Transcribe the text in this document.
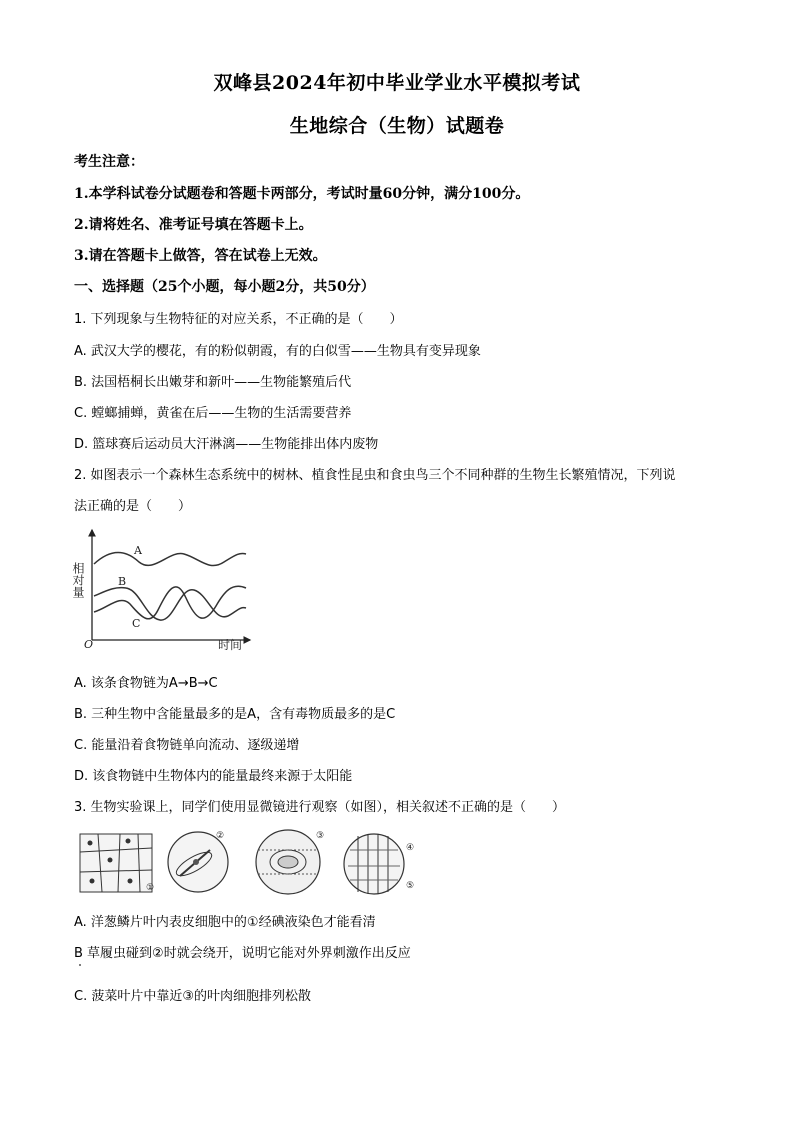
双峰县2024年初中毕业学业水平模拟考试
生地综合（生物）试题卷
考生注意：
1.本学科试卷分试题卷和答题卡两部分，考试时量60分钟，满分100分。
2.请将姓名、准考证号填在答题卡上。
3.请在答题卡上做答，答在试卷上无效。
一、选择题（25个小题，每小题2分，共50分）
1. 下列现象与生物特征的对应关系，不正确的是（　　）
A. 武汉大学的樱花，有的粉似朝霞，有的白似雪——生物具有变异现象
B. 法国梧桐长出嫩芽和新叶——生物能繁殖后代
C. 螳螂捕蝉，黄雀在后——生物的生活需要营养
D. 篮球赛后运动员大汗淋漓——生物能排出体内废物
2. 如图表示一个森林生态系统中的树林、植食性昆虫和食虫鸟三个不同种群的生物生长繁殖情况，下列说
法正确的是（　　）
相对量
时间
O
A
B
C
A. 该条食物链为A→B→C
B. 三种生物中含能量最多的是A，含有毒物质最多的是C
C. 能量沿着食物链单向流动、逐级递增
D. 该食物链中生物体内的能量最终来源于太阳能
3. 生物实验课上，同学们使用显微镜进行观察（如图），相关叙述不正确的是（　　）
①
②	③
④
⑤
A. 洋葱鳞片叶内表皮细胞中的①经碘液染色才能看清
B 草履虫碰到②时就会绕开，说明它能对外界刺激作出反应
C. 菠菜叶片中靠近③的叶肉细胞排列松散
